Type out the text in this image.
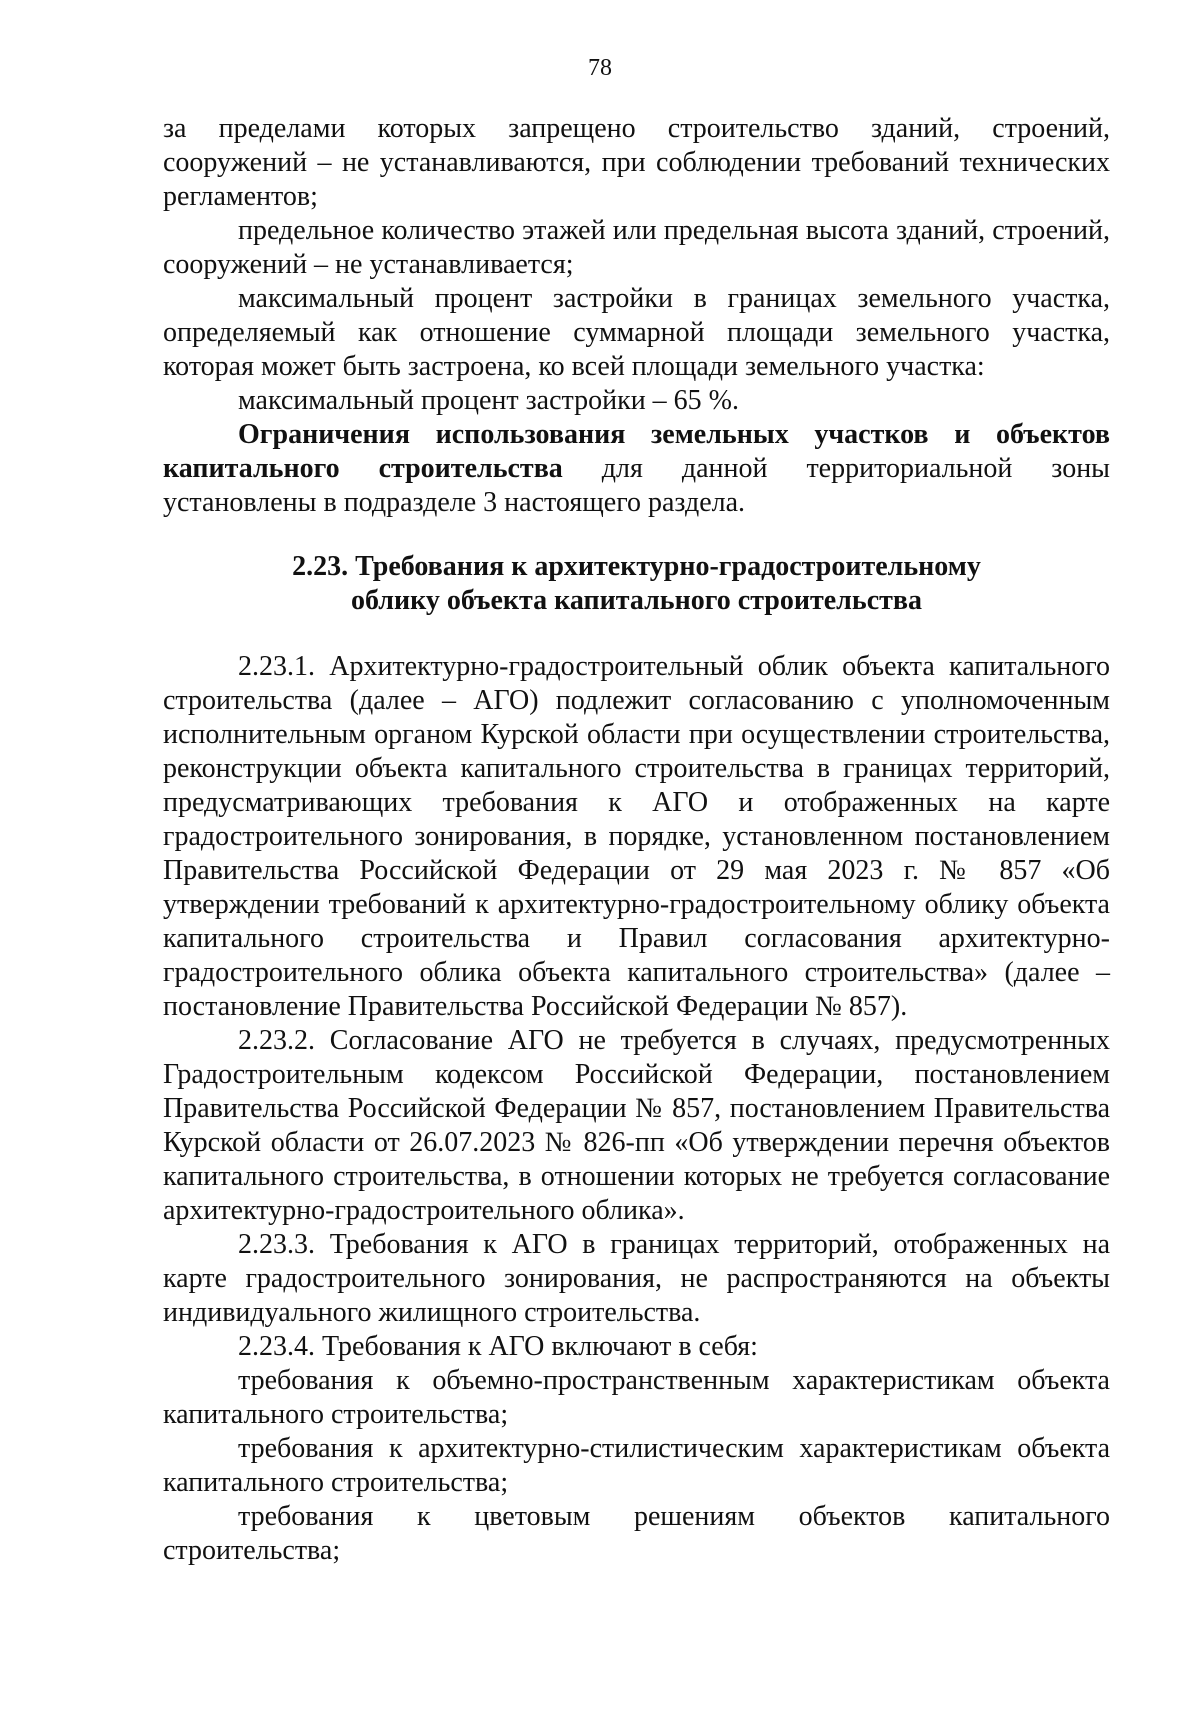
78

за пределами которых запрещено строительство зданий, строений, сооружений – не устанавливаются, при соблюдении требований технических регламентов;

предельное количество этажей или предельная высота зданий, строений, сооружений – не устанавливается;

максимальный процент застройки в границах земельного участка, определяемый как отношение суммарной площади земельного участка, которая может быть застроена, ко всей площади земельного участка:

максимальный процент застройки – 65 %.

Ограничения использования земельных участков и объектов капитального строительства для данной территориальной зоны установлены в подразделе 3 настоящего раздела.

2.23. Требования к архитектурно-градостроительному
облику объекта капитального строительства

2.23.1. Архитектурно-градостроительный облик объекта капитального строительства (далее – АГО) подлежит согласованию с уполномоченным исполнительным органом Курской области при осуществлении строительства, реконструкции объекта капитального строительства в границах территорий, предусматривающих требования к АГО и отображенных на карте градостроительного зонирования, в порядке, установленном постановлением Правительства Российской Федерации от 29 мая 2023 г. № 857 «Об утверждении требований к архитектурно-градостроительному облику объекта капитального строительства и Правил согласования архитектурно-градостроительного облика объекта капитального строительства» (далее – постановление Правительства Российской Федерации № 857).

2.23.2. Согласование АГО не требуется в случаях, предусмотренных Градостроительным кодексом Российской Федерации, постановлением Правительства Российской Федерации № 857, постановлением Правительства Курской области от 26.07.2023 № 826-пп «Об утверждении перечня объектов капитального строительства, в отношении которых не требуется согласование архитектурно-градостроительного облика».

2.23.3. Требования к АГО в границах территорий, отображенных на карте градостроительного зонирования, не распространяются на объекты индивидуального жилищного строительства.

2.23.4. Требования к АГО включают в себя:

требования к объемно-пространственным характеристикам объекта капитального строительства;

требования к архитектурно-стилистическим характеристикам объекта капитального строительства;

требования к цветовым решениям объектов капитального строительства;
